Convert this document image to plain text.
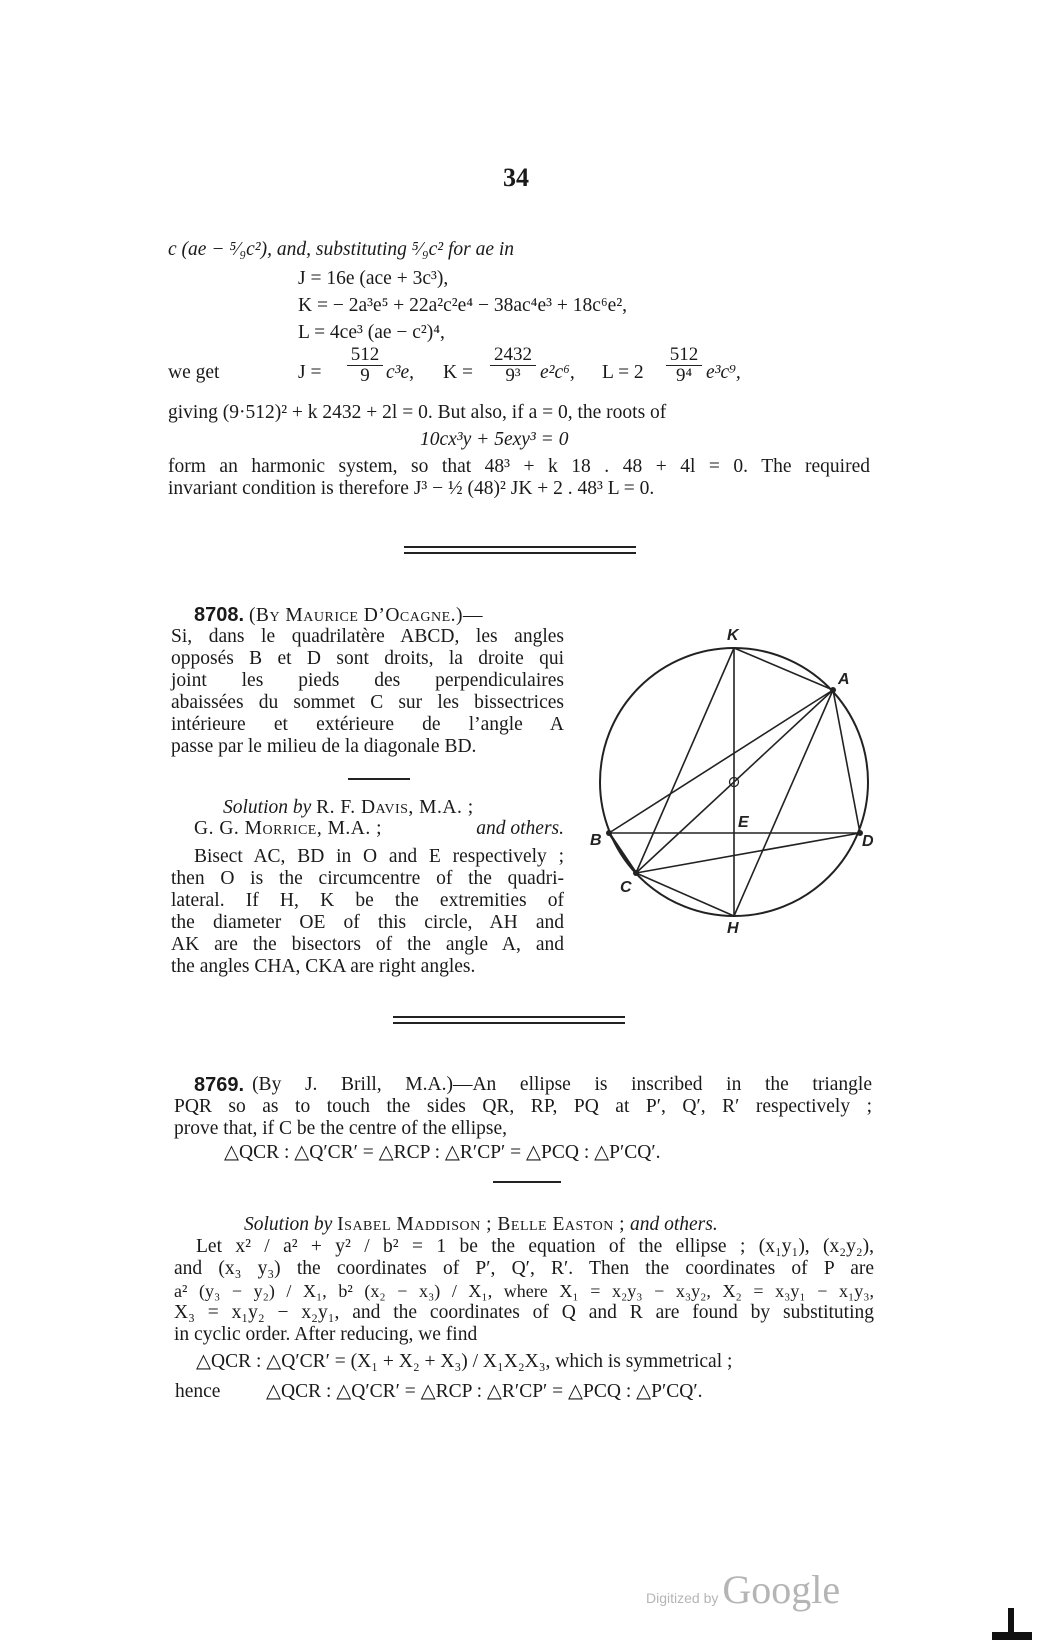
34
c (ae − ⁵⁄₉c²), and, substituting ⁵⁄₉c² for ae in
J = 16e (ace + 3c³),
K = − 2a³e⁵ + 22a²c²e⁴ − 38ac⁴e³ + 18c⁶e²,
L = 4ce³ (ae − c²)⁴,
we get	$J = \frac{512}{9} c^3e$, $K = \frac{2432}{\text{9³}} e^2c^6$, $L = 2 \frac{512}{\text{9⁴}} e^3c^9$,
giving (9·512)² + k 2432 + 2l = 0. But also, if a = 0, the roots of
10cx³y + 5exy³ = 0
form an harmonic system, so that 48³ + k 18 . 48 + 4l = 0. The required
invariant condition is therefore J³ − ½ (48)² JK + 2 . 48³ L = 0.
8708. (By Maurice D’Ocagne.)—
Si, dans le quadrilatère ABCD, les angles
opposés B et D sont droits, la droite qui
joint les pieds des perpendiculaires
abaissées du sommet C sur les bissectrices
intérieure et extérieure de l’angle A
passe par le milieu de la diagonale BD.
Solution by R. F. Davis, M.A. ;
G. G. Morrice, M.A. ;	and others.
Bisect AC, BD in O and E respectively ;
then O is the circumcentre of the quadri-
lateral. If H, K be the extremities of
the diameter OE of this circle, AH and
AK are the bisectors of the angle A, and
the angles CHA, CKA are right angles.
K
A
B
C
D
E
H
8769. (By J. Brill, M.A.)—An ellipse is inscribed in the triangle
PQR so as to touch the sides QR, RP, PQ at P′, Q′, R′ respectively ;
prove that, if C be the centre of the ellipse,
△QCR : △Q′CR′ = △RCP : △R′CP′ = △PCQ : △P′CQ′.
Solution by Isabel Maddison ; Belle Easton ; and others.
Let x² / a² + y² / b² = 1 be the equation of the ellipse ; (x₁y₁), (x₂y₂),
and (x₃ y₃) the coordinates of P′, Q′, R′. Then the coordinates of P are
a² (y₃ − y₂) / X₁, b² (x₂ − x₃) / X₁, where X₁ = x₂y₃ − x₃y₂, X₂ = x₃y₁ − x₁y₃,
X₃ = x₁y₂ − x₂y₁, and the coordinates of Q and R are found by substituting
in cyclic order. After reducing, we find
△QCR : △Q′CR′ = (X₁ + X₂ + X₃) / X₁X₂X₃, which is symmetrical ;
hence △QCR : △Q′CR′ = △RCP : △R′CP′ = △PCQ : △P′CQ′.
Digitized by Google
